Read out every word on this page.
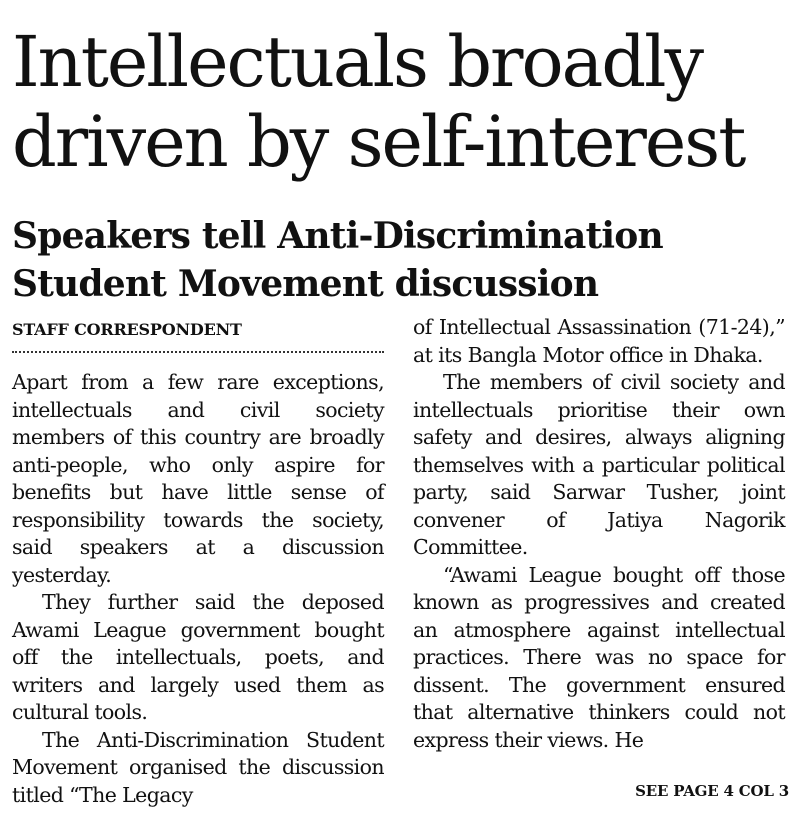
Intellectuals broadly driven by self-interest
Speakers tell Anti-Discrimination Student Movement discussion
STAFF CORRESPONDENT

Apart from a few rare exceptions, intellectuals and civil society members of this country are broadly anti-people, who only aspire for benefits but have little sense of responsibility towards the society, said speakers at a discussion yesterday.

They further said the deposed Awami League government bought off the intellectuals, poets, and writers and largely used them as cultural tools.

The Anti-Discrimination Student Movement organised the discussion titled “The Legacy

of Intellectual Assassination (71-24),” at its Bangla Motor office in Dhaka.

The members of civil society and intellectuals prioritise their own safety and desires, always aligning themselves with a particular political party, said Sarwar Tusher, joint convener of Jatiya Nagorik Committee.

“Awami League bought off those known as progressives and created an atmosphere against intellectual practices. There was no space for dissent. The government ensured that alternative thinkers could not express their views. He

SEE PAGE 4 COL 3
